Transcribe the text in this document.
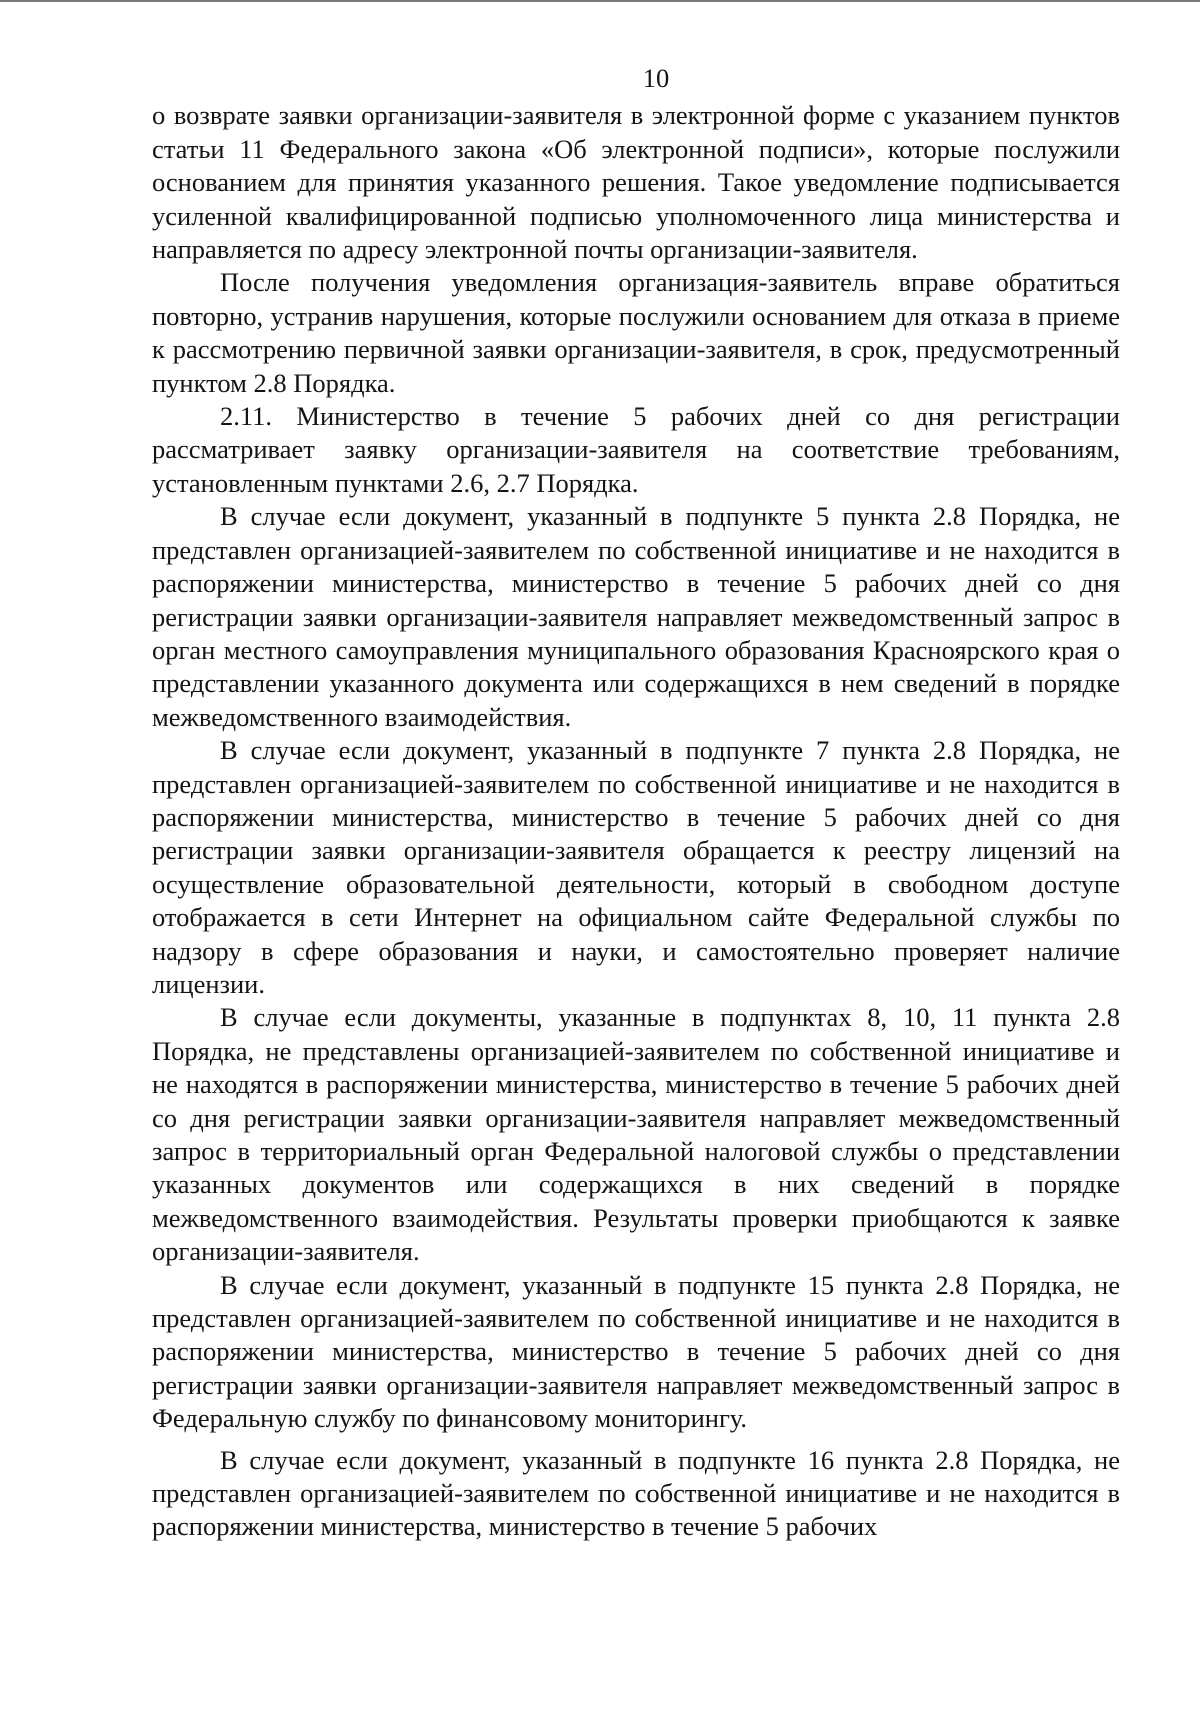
10

о возврате заявки организации-заявителя в электронной форме с указанием пунктов статьи 11 Федерального закона «Об электронной подписи», которые послужили основанием для принятия указанного решения. Такое уведомление подписывается усиленной квалифицированной подписью уполномоченного лица министерства и направляется по адресу электронной почты организации-заявителя.

После получения уведомления организация-заявитель вправе обратиться повторно, устранив нарушения, которые послужили основанием для отказа в приеме к рассмотрению первичной заявки организации-заявителя, в срок, предусмотренный пунктом 2.8 Порядка.

2.11. Министерство в течение 5 рабочих дней со дня регистрации рассматривает заявку организации-заявителя на соответствие требованиям, установленным пунктами 2.6, 2.7 Порядка.

В случае если документ, указанный в подпункте 5 пункта 2.8 Порядка, не представлен организацией-заявителем по собственной инициативе и не находится в распоряжении министерства, министерство в течение 5 рабочих дней со дня регистрации заявки организации-заявителя направляет межведомственный запрос в орган местного самоуправления муниципального образования Красноярского края о представлении указанного документа или содержащихся в нем сведений в порядке межведомственного взаимодействия.

В случае если документ, указанный в подпункте 7 пункта 2.8 Порядка, не представлен организацией-заявителем по собственной инициативе и не находится в распоряжении министерства, министерство в течение 5 рабочих дней со дня регистрации заявки организации-заявителя обращается к реестру лицензий на осуществление образовательной деятельности, который в свободном доступе отображается в сети Интернет на официальном сайте Федеральной службы по надзору в сфере образования и науки, и самостоятельно проверяет наличие лицензии.

В случае если документы, указанные в подпунктах 8, 10, 11 пункта 2.8 Порядка, не представлены организацией-заявителем по собственной инициативе и не находятся в распоряжении министерства, министерство в течение 5 рабочих дней со дня регистрации заявки организации-заявителя направляет межведомственный запрос в территориальный орган Федеральной налоговой службы о представлении указанных документов или содержащихся в них сведений в порядке межведомственного взаимодействия. Результаты проверки приобщаются к заявке организации-заявителя.

В случае если документ, указанный в подпункте 15 пункта 2.8 Порядка, не представлен организацией-заявителем по собственной инициативе и не находится в распоряжении министерства, министерство в течение 5 рабочих дней со дня регистрации заявки организации-заявителя направляет межведомственный запрос в Федеральную службу по финансовому мониторингу.

В случае если документ, указанный в подпункте 16 пункта 2.8 Порядка, не представлен организацией-заявителем по собственной инициативе и не находится в распоряжении министерства, министерство в течение 5 рабочих
